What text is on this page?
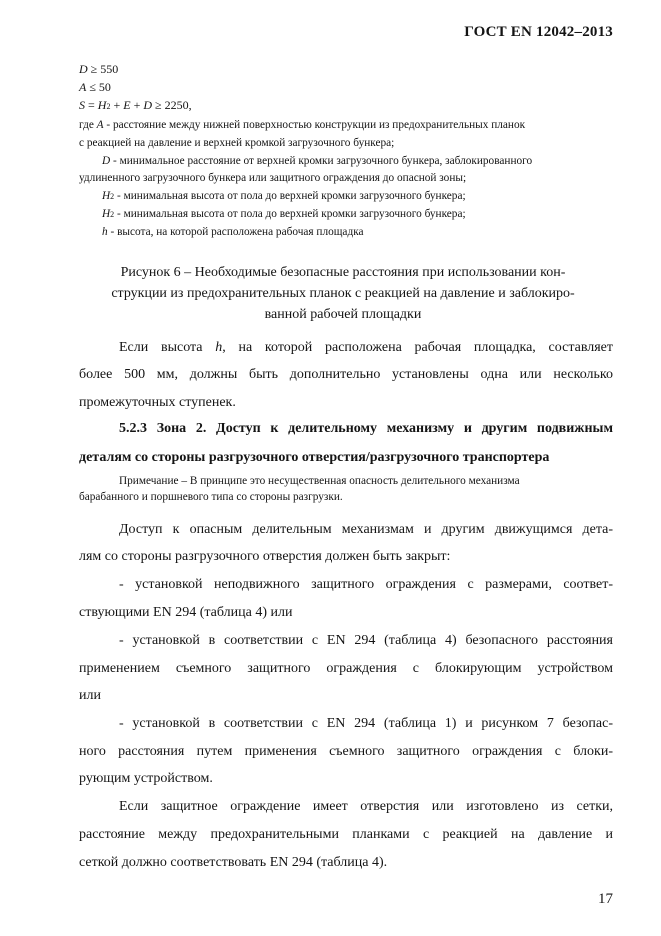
ГОСТ EN 12042–2013
D ≥ 550
A ≤ 50
S = H2 + E + D ≥ 2250,
где A - расстояние между нижней поверхностью конструкции из предохранительных планок
с реакцией на давление и верхней кромкой загрузочного бункера;
D - минимальное расстояние от верхней кромки загрузочного бункера, заблокированного
удлиненного загрузочного бункера или защитного ограждения до опасной зоны;
H2 - минимальная высота от пола до верхней кромки загрузочного бункера;
H2 - минимальная высота от пола до верхней кромки загрузочного бункера;
h - высота, на которой расположена рабочая площадка
Рисунок 6 – Необходимые безопасные расстояния при использовании кон-
струкции из предохранительных планок с реакцией на давление и заблокиро-
ванной рабочей площадки
Если высота h, на которой расположена рабочая площадка, составляет
более 500 мм, должны быть дополнительно установлены одна или несколько
промежуточных ступенек.
5.2.3 Зона 2. Доступ к делительному механизму и другим подвижным
деталям со стороны разгрузочного отверстия/разгрузочного транспортера
Примечание – В принципе это несущественная опасность делительного механизма
барабанного и поршневого типа со стороны разгрузки.
Доступ к опасным делительным механизмам и другим движущимся дета-
лям со стороны разгрузочного отверстия должен быть закрыт:
- установкой неподвижного защитного ограждения с размерами, соответ-
ствующими EN 294 (таблица 4) или
- установкой в соответствии с EN 294 (таблица 4) безопасного расстояния
применением съемного защитного ограждения с блокирующим устройством
или
- установкой в соответствии с EN 294 (таблица 1) и рисунком 7 безопас-
ного расстояния путем применения съемного защитного ограждения с блоки-
рующим устройством.
Если защитное ограждение имеет отверстия или изготовлено из сетки,
расстояние между предохранительными планками с реакцией на давление и
сеткой должно соответствовать EN 294 (таблица 4).
17
